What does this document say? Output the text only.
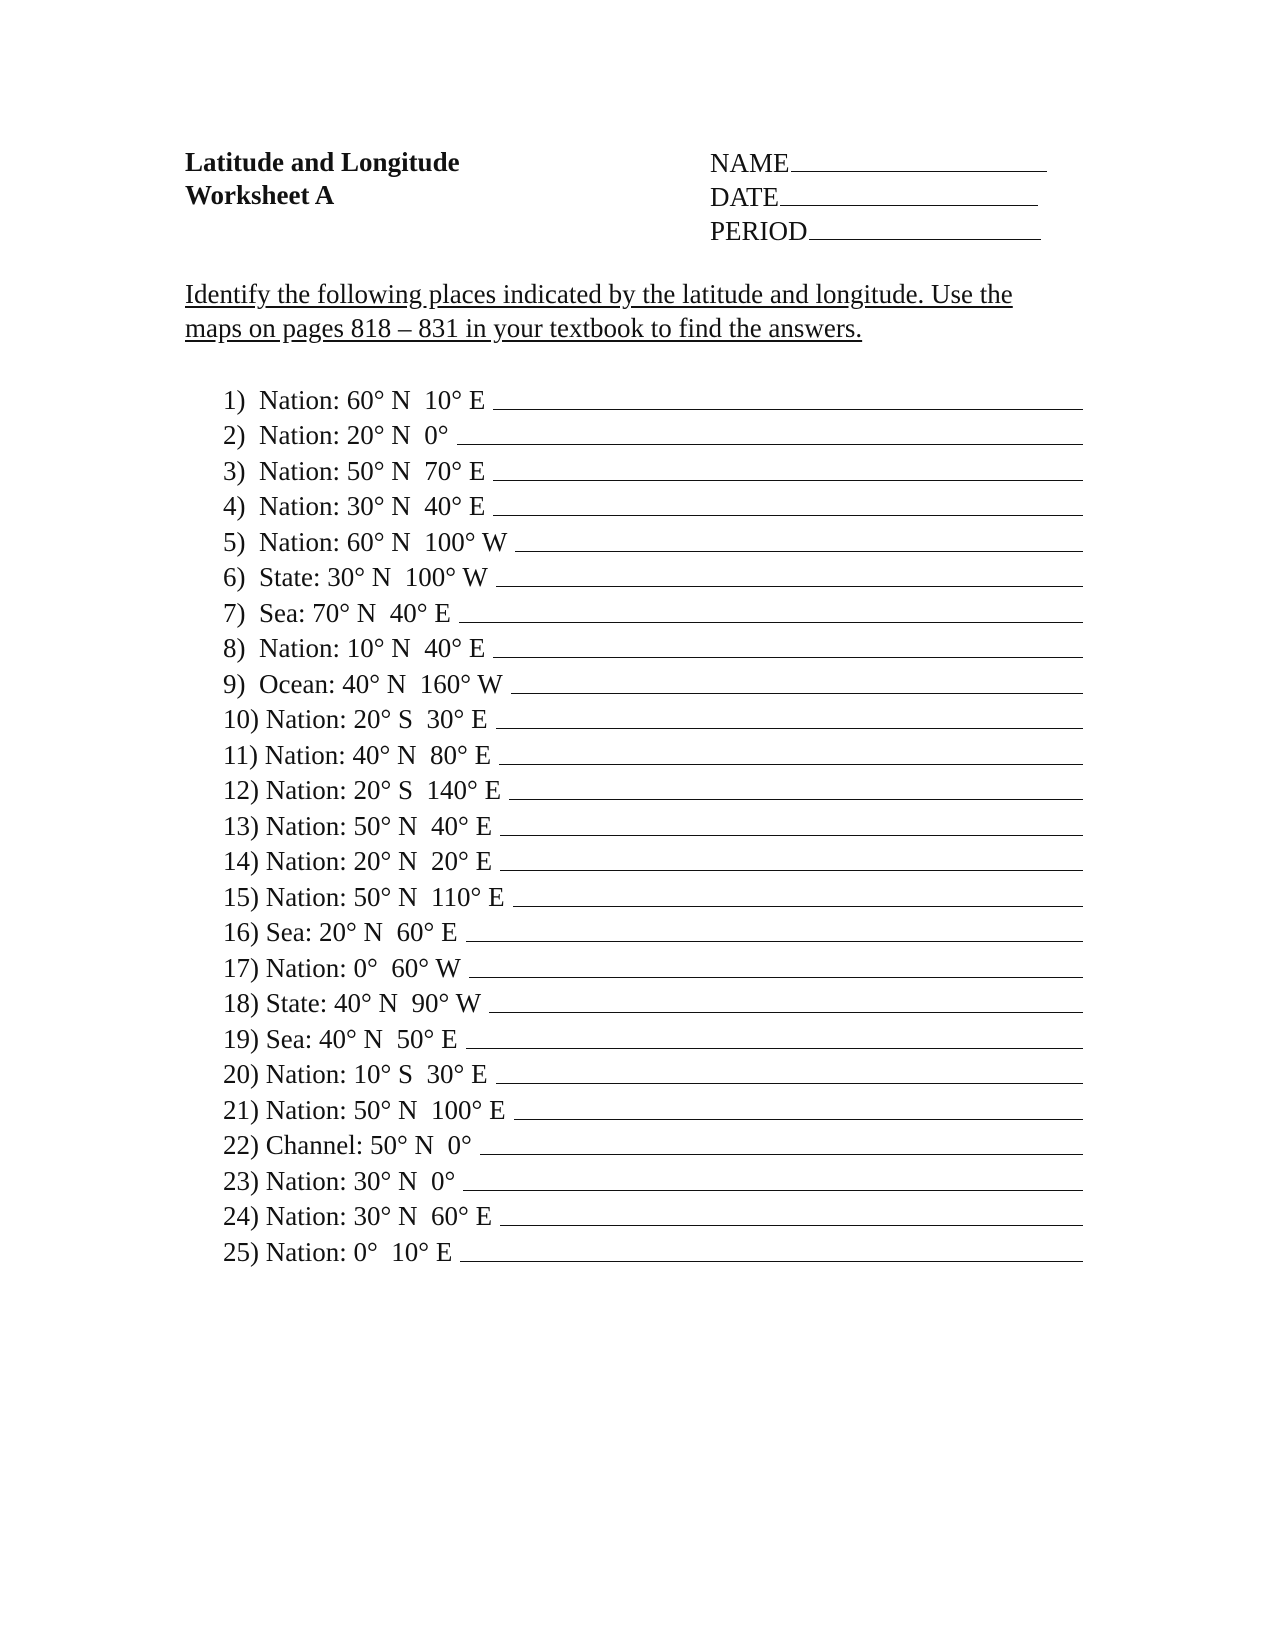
Latitude and Longitude
Worksheet A
NAME
DATE
PERIOD
Identify the following places indicated by the latitude and longitude. Use the maps on pages 818 – 831 in your textbook to find the answers.
1)  Nation: 60° N  10° E
2)  Nation: 20° N  0°
3)  Nation: 50° N  70° E
4)  Nation: 30° N  40° E
5)  Nation: 60° N  100° W
6)  State: 30° N  100° W
7)  Sea: 70° N  40° E
8)  Nation: 10° N  40° E
9)  Ocean: 40° N  160° W
10) Nation: 20° S  30° E
11) Nation: 40° N  80° E
12) Nation: 20° S  140° E
13) Nation: 50° N  40° E
14) Nation: 20° N  20° E
15) Nation: 50° N  110° E
16) Sea: 20° N  60° E
17) Nation: 0°  60° W
18) State: 40° N  90° W
19) Sea: 40° N  50° E
20) Nation: 10° S  30° E
21) Nation: 50° N  100° E
22) Channel: 50° N  0°
23) Nation: 30° N  0°
24) Nation: 30° N  60° E
25) Nation: 0°  10° E
